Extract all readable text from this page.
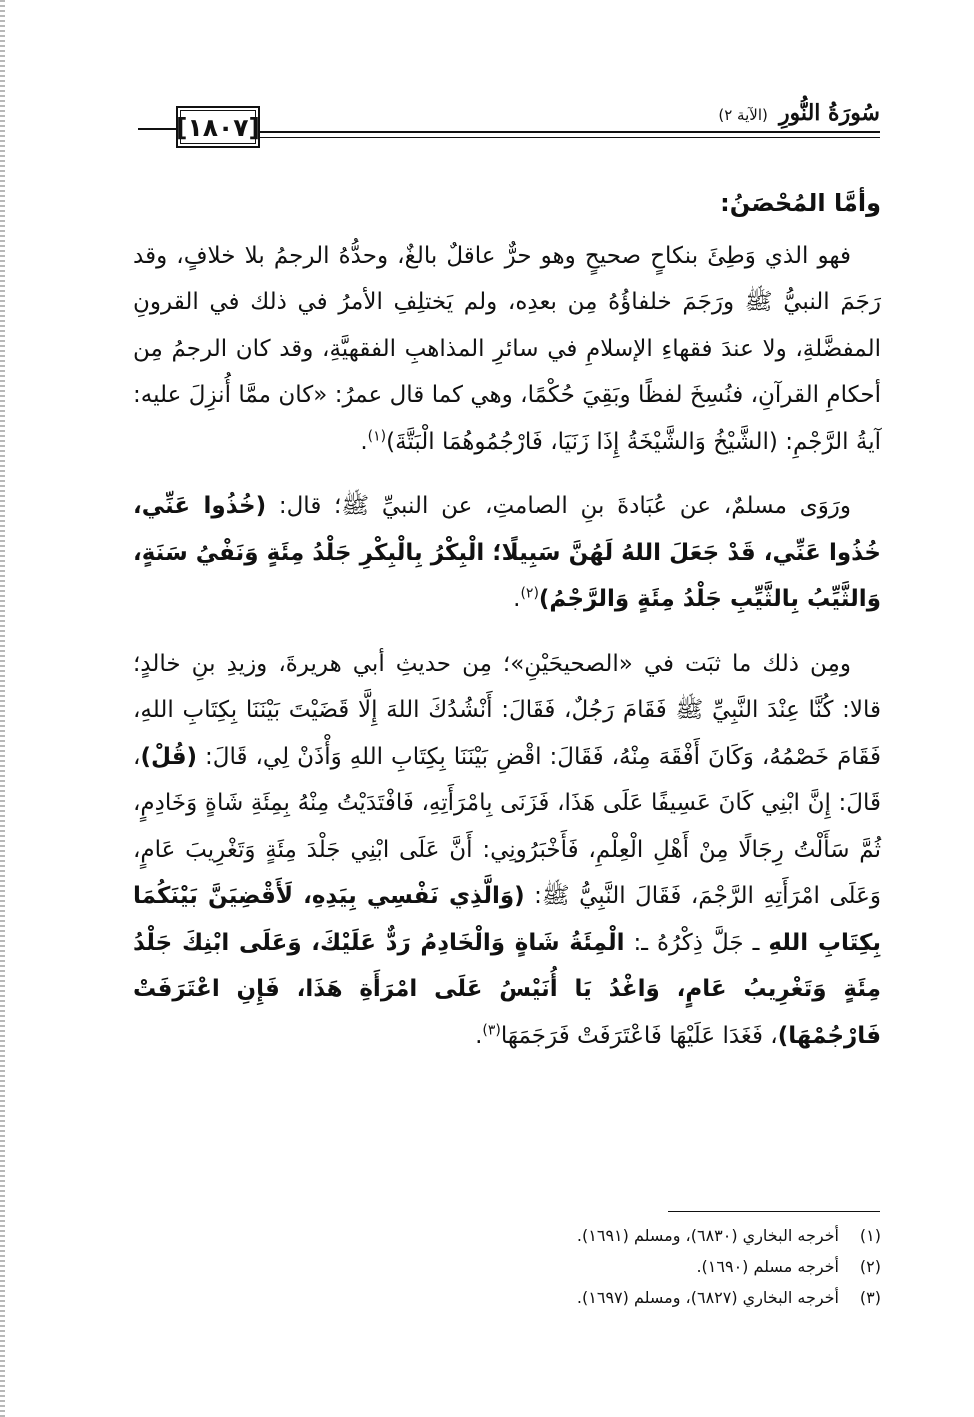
[١٨٠٧]	سُورَةُ النُّورِ (الآية ٢)

وأمَّا المُحْصَنُ:

فهو الذي وَطِئَ بنكاحٍ صحيحٍ وهو حرٌّ عاقلٌ بالغٌ، وحدُّهُ الرجمُ بلا خلافٍ، وقد رَجَمَ النبيُّ ﷺ ورَجَمَ خلفاؤُهُ مِن بعدِه، ولم يَختلِفِ الأمرُ في ذلك في القرونِ المفضَّلةِ، ولا عندَ فقهاءِ الإسلامِ في سائرِ المذاهبِ الفقهيَّةِ، وقد كان الرجمُ مِن أحكامِ القرآنِ، فنُسِخَ لفظًا وبَقِيَ حُكْمًا، وهي كما قال عمرُ: «كان ممَّا أُنزِلَ عليه: آيةُ الرَّجْمِ: (الشَّيْخُ وَالشَّيْخَةُ إِذَا زَنَيَا، فَارْجُمُوهُمَا الْبَتَّةَ)$^{(١)}$.

ورَوَى مسلمٌ، عن عُبَادةَ بنِ الصامتِ، عن النبيِّ ﷺ؛ قال: (خُذُوا عَنِّي، خُذُوا عَنِّي، قَدْ جَعَلَ اللهُ لَهُنَّ سَبِيلًا؛ الْبِكْرُ بِالْبِكْرِ جَلْدُ مِئَةٍ وَنَفْيُ سَنَةٍ، وَالثَّيِّبُ بِالثَّيِّبِ جَلْدُ مِئَةٍ وَالرَّجْمُ)$^{(٢)}$.

ومِن ذلك ما ثبَت في «الصحيحَيْنِ»؛ مِن حديثِ أبي هريرةَ، وزيدِ بنِ خالدٍ؛ قالا: كُنَّا عِنْدَ النَّبِيِّ ﷺ فَقَامَ رَجُلٌ، فَقَالَ: أَنْشُدُكَ اللهَ إِلَّا قَضَيْتَ بَيْنَنَا بِكِتَابِ اللهِ، فَقَامَ خَصْمُهُ، وَكَانَ أَفْقَهَ مِنْهُ، فَقَالَ: اقْضِ بَيْنَنَا بِكِتَابِ اللهِ وَأْذَنْ لِي، قَالَ: (قُلْ)، قَالَ: إِنَّ ابْنِي كَانَ عَسِيفًا عَلَى هَذَا، فَزَنَى بِامْرَأَتِهِ، فَافْتَدَيْتُ مِنْهُ بِمِئَةِ شَاةٍ وَخَادِمٍ، ثُمَّ سَأَلْتُ رِجَالًا مِنْ أَهْلِ الْعِلْمِ، فَأَخْبَرُونِي: أَنَّ عَلَى ابْنِي جَلْدَ مِئَةٍ وَتَغْرِيبَ عَامٍ، وَعَلَى امْرَأَتِهِ الرَّجْمَ، فَقَالَ النَّبِيُّ ﷺ: (وَالَّذِي نَفْسِي بِيَدِهِ، لَأَقْضِيَنَّ بَيْنَكُمَا بِكِتَابِ اللهِ ـ جَلَّ ذِكْرُهُ ـ: الْمِئَةُ شَاةٍ وَالْخَادِمُ رَدٌّ عَلَيْكَ، وَعَلَى ابْنِكَ جَلْدُ مِئَةٍ وَتَغْرِيبُ عَامٍ، وَاغْدُ يَا أُنَيْسُ عَلَى امْرَأَةِ هَذَا، فَإِنِ اعْتَرَفَتْ فَارْجُمْهَا)، فَغَدَا عَلَيْهَا فَاعْتَرَفَتْ فَرَجَمَهَا$^{(٣)}$.

(١)
أخرجه البخاري (٦٨٣٠)، ومسلم (١٦٩١).
(٢)
أخرجه مسلم (١٦٩٠).
(٣)
أخرجه البخاري (٦٨٢٧)، ومسلم (١٦٩٧).
